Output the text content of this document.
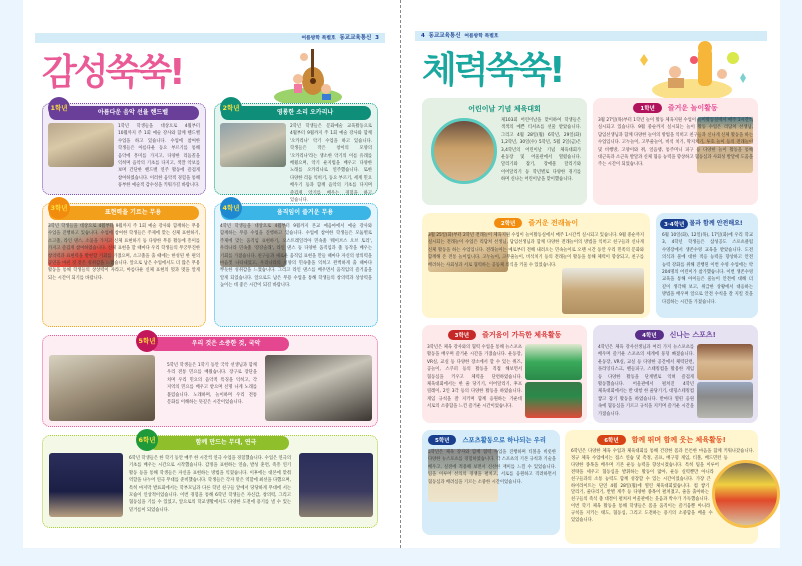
여름방학 특별호 동교교육통신 3
감성쑥쑥!
아름다운 음악 선율 핸드벨
1학년 학생들을 대상으로 4월부터 10월까지 주 1회 예술 강사와 함께 핸드벨 수업을 하고 있습니다. 수업에 참여한 학생들은 아름다운 동요 부르기를 통해 음악에 흥미를 가지고, 다양한 리듬꼴을 익히며 음악의 기초를 다지고, 색깔 악보를 보며 간단한 핸드벨 연주 활동에 즐겁게 참여하였습니다. 이러한 음악적 경험을 통해 풍부한 예술적 감수성을 키워가길 바랍니다.
1학년
영롱한 소리 오카리나
2학년 학생들은 문화예술 교육활동으로 4월부터 9월까지 주 1회 예술 강사와 함께 '오카리나' 악기 수업을 하고 있습니다. 학생들은 작은 창이의 모양의 '오카리나'라는 생소한 악기의 이름 유래를 배웠으며, 악기 운지법을 배우고 다양한 노래를 오카리나로 연주했습니다. 또한 다양한 리듬 익히기, 동요 부르기, 세계 민요 배우기 등과 함께 음악의 기초를 다지며 즐겁게 악기를 배우는 경험을 하고 있습니다.
2학년
표현력을 기르는 무용
3학년 학생들을 대상으로 4월부터 9월까지 주 1회 예술 강사와 함께하는 무용 수업을 진행하고 있습니다. 수업에 참여한 학생들은 주제에 맞는 신체 표현하기, 소고춤, 라인 댄스, 소품을 가지고 신체 표현하기 등 다양한 무용 활동에 흥미를 가지고 즐겁게 참여하였습니다. 신체 표현을 할 때마다 우리 학생들의 무궁무진한 창의력과 표현력을 발현할 기회를 가졌으며, 소고춤을 출 때에는 한성된 한 편의 공연을 마친 것 같은 성취감을 느꼈습니다. 앞으로 남은 수업에서도 더 많은 무용 활동을 통해 학생들의 상상력이 자라고, 아름다운 신체 표현의 멋과 멋을 알게 되는 시간이 되기를 바랍니다.
3학년
움직임이 즐거운 무용
4학년 학생들을 대상으로 4월부터 9월까지 본교 예음마에서 예술 강사와 함께하는 무용 수업을 진행하고 있습니다. 수업에 참여한 학생들은 모둠별로 주제에 맞는 움직임 표현하기, 오스트레일리아 민속춤 '웨이브스 오브 토리', 우리나라 민속춤 '강강술래', 라인 댄스 등 다양한 움직임과 춤 동작을 배우는 기회를 가졌습니다. 친구들과 새로운 움직임 표현을 만들 때마다 자신의 창의력을 마음껏 나타내었고, 우리나라의 서양의 민속춤을 익히고 완벽하게 출 때마다 뿌듯한 성취감을 느꼈습니다. 그리고 라인 댄스를 배우면서 움직임의 즐거움을 알게 되었습니다. 앞으로도 남은 무용 수업을 통해 학생들의 창의력과 상상력을 높이는 데 좋은 시간이 되길 바랍니다.
4학년
우리 것은 소중한 것, 국악
5학년 학생들은 1학기 동안 국악 선생님과 함께 우리 전통 민요를 배웠습니다. 장구로 장단을 치며 우리 민요의 음악적 특징을 익히고, 각 지역의 민요를 배우고 받으며 신명 나게 노래를 불렀습니다. 노래하며, 놀이하며 우리 전통 문화를 이해하는 뜻깊은 시간이었습니다.
5학년
함께 만드는 무대, 연극
6학년 학생들은 한 학기 동안 매주 한 시간씩 연극 수업을 경험했습니다. 수업은 연극의 기초를 배우는 시간으로 시작했습니다. 감정을 표현하는 연습, 발성 훈련, 즉흥 연기 활동 등을 통해 학생들은 자신을 표현하는 방법을 익혔습니다. 이후에는 대본에 맞춰 역할을 나누어 연극 무대를 준비했습니다. 학생들은 각자 맡은 역할에 최선을 다했으며, 특히 마지막 발표회에서는 학부모님과 다른 학년 친구들 앞에서 당당하게 무대에 서는 모습이 인상적이었습니다. 이번 경험을 통해 6학년 학생들은 자신감, 창의력, 그리고 협동심을 기를 수 있었고, 앞으로의 학교생활에서도 다양한 도전에 용기를 낼 수 있는 밑거름이 되었습니다.
6학년
4 동교교육통신 여름방학 특별호
체력쑥쑥!
어린이날 기념 체육대회
제103회 어린이날을 맞이하여 학생들은 색색의 예쁜 티셔츠를 선물 받았습니다. 그리고 4월 28일(월) 6학년, 29일(화) 1,2학년, 30일(수) 5학년, 5월 2일(금)은 3,4학년의 어린이날 기념 체육대회가 운동장 및 어울관에서 열렸습니다. 달리기와 잡기, 장애물 달리기와 이어달리기 등 학년별로 다양한 경기를 하며 신나는 어린이날을 맞이했습니다.
1학년 즐거운 놀이활동
3월 27일(목)부터 1학년 놀이 활동 체육지원 수업이 놀이활동실에서 매주 1시간씩 실시되고 있습니다. 9월 중순까지 실시되는 놀이 활동 수업은 리담쳐 선생님, 담임선생님과 함께 다양한 놀이의 방법을 익히고 친구들과 신나게 신체 활동을 하는 수업입니다. 고누놀이, 고무줄놀이, 비석 치기, 딱지치기, 투호 놀이 등의 전래놀이 및 비행방, 고양이와 쥐, 얼음땡, 통주머니 피구 등 다양한 놀이 활동을 통해 대근육과 소근육 발달과 신체 협응 능력을 향상하고 협동심과 사회성 발달에 도움을 주는 시간이 되었습니다.
2학년 즐거운 전래놀이
3월 25일(화)부터 2학년 전래놀이 체육지원 수업이 놀이활동실에서 매주 1시간씩 실시되고 있습니다. 9월 중순까지 실시되는 전래놀이 수업은 리담쳐 선생님, 담임선생님과 함께 다양한 전래놀이의 방법을 익히고 친구들과 신나게 신체 활동을 하는 수업입니다. 전래놀이는 예로부터 전해 내려오는 민속놀이로 오랜 시간 동안 우리 민족의 문화와 함께해 온 전통 놀이입니다. 고누놀이, 고무줄놀이, 비석치기 등의 전래놀이 활동을 통해 체력이 향상되고, 친구를 배려하는 사회성과 서로 협력하는 공동체 의식을 키울 수 있었습니다.
3·4학년 물과 함께 안전해요!
6월 10일(화), 12일(목), 17일(화)에 우리 학교 3, 4학년 학생들은 삼성공도 스포츠클럽 수영장에서 생존수영 교육을 받았습니다. 도전 의식과 물에 대한 적응 능력을 향상하고 안전 능력 강화를 위해 진행된 이번 수영 수업에는 약 204명의 어린이가 참가했습니다. 이번 생존수영 교육을 통해 아이들은 물놀이 안전에 대해 더 깊이 생각해 보고, 위급한 상황에서 대응하는 방법을 배우며 앞으로 안전 수칙을 잘 지킬 것을 다짐하는 시간을 가졌습니다.
3학년 즐거움이 가득한 체육활동
3학년은 체육 강사와의 협력 수업을 통해 뉴스포츠 활동을 배우며 즐거운 시간을 가졌습니다. 운동장, VR실, 교실 등 다양한 장소에서 할 수 있는 퀴즈, 공놀이, 스쿠퍼 등의 활동을 직접 해보면서 협동심을 키우고 체력을 단련하였습니다. 체육대회에서는 한 줄 당기기, 이어달리기, 후프 릴레이, 2인 3각 등의 다양한 활동을 하였습니다. 게임 규칙을 잘 지키며 함께 응원하는 가운데 서로의 소중함을 느낀 즐거운 시간이었습니다.
4학년 신나는 스포츠!
4학년은 체육 강사선생님과 여러 가지 뉴스포츠를 배우며 즐거운 스포츠의 세계에 풍덩 빠졌습니다. 운동장, VR실, 교실 등 다양한 공간에서 체력단련, 플라잉디스크, 핸들피구, 스태킹컵을 활용한 게임 등 다양한 활동을 단계별로 익혀 즐겁게 활동했습니다. 어울관에서 펼쳐진 4학년 체육대회에서는 반 대항 한 줄당기기, 대형스테킹컵 쌓고 잡기 활동을 하였습니다. 반마다 열띤 응원 속에 협동심을 기르고 규칙을 지키며 즐거운 시간을 가졌습니다.
5학년 스포츠활동으로 하나되는 우리
5학년은 체육 강사와 함께 협력 수업을 진행하며 티볼을 비롯한 다양한 뉴스포츠를 경험하였습니다. 각 스포츠의 기본 규칙과 기술을 배우고, 실전에 적용해 보면서 신선한 재미를 느낄 수 있었습니다. 팀을 이루어 선의의 경쟁을 펼치고, 서로를 응원하고 격려하면서 협동심과 배려심을 기르는 소중한 시간이었습니다.
6학년 함께 뛰며 함께 웃는 체육활동!
6학년은 다양한 체육 수업과 체육대회를 통해 건강한 몸과 튼튼한 마음을 함께 키워나갔습니다. 정규 체육 수업에서는 접스 연습 및 측정, 골프, 배구형 게임, 티볼, 배드민턴 등 다양한 종목을 배우며 기본 운동 능력을 향상시켰습니다. 특히 팀을 이루어 전략을 세우고 협동심을 발휘하는 활동이 많아, 운동 실력뿐만 아니라 친구들과의 소통 능력도 함께 성장할 수 있는 시간이었습니다. 가장 큰 하이라이트는 단연 4월 28일(월)에 열린 체육대회였습니다. 컵 쌓기 달리기, 줄다리기, 반별 계주 등 다양한 종목이 펼쳐졌고, 줄을 출아하는 친구들의 즉석 춤 대결이 펼쳐져 어울관에는 웃음과 박수가 가득했습니다. 이번 학기 체육 활동을 통해 학생들은 몸을 움직이는 즐거움뿐 아니라 규칙을 지키는 태도, 협동심, 그리고 도전하는 용기의 소중함을 배울 수 있었습니다.
